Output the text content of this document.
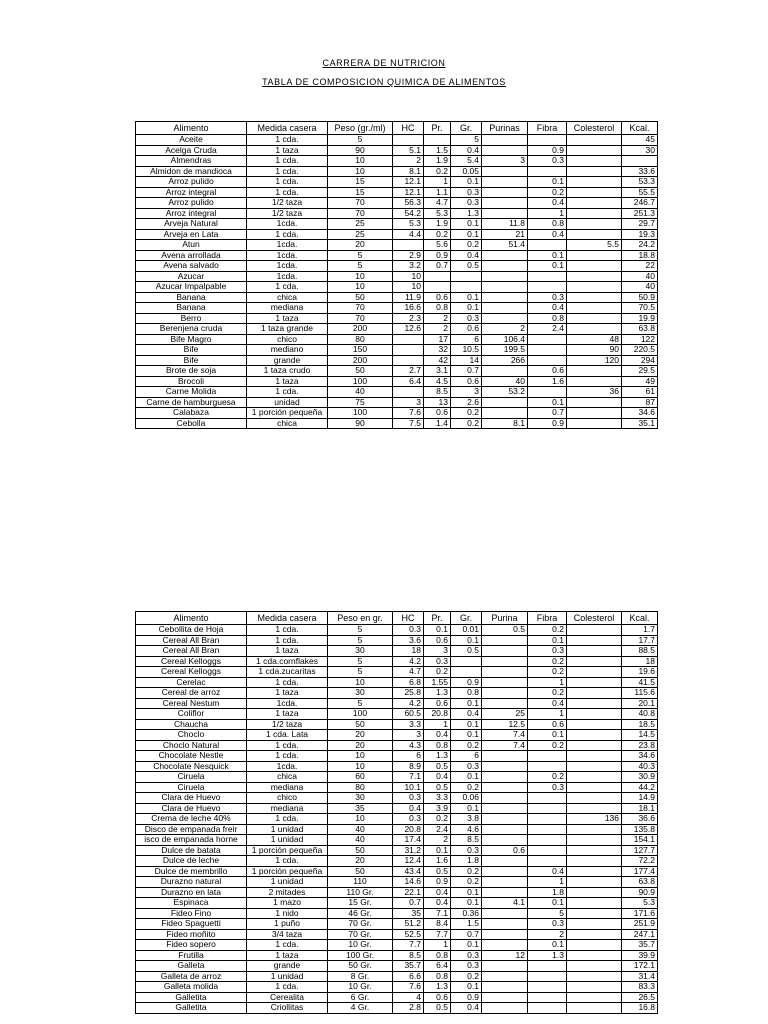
CARRERA DE NUTRICION
TABLA DE COMPOSICION QUIMICA DE ALIMENTOS
Alimento	Medida casera	Peso (gr./ml)	HC	Pr.	Gr.	Purinas	Fibra	Colesterol	Kcal.
Aceite	1 cda.	5			5				45
Acelga Cruda	1 taza	90	5.1	1.5	0.4		0.9		30
Almendras	1 cda.	10	2	1.9	5.4	3	0.3		
Almidon de mandioca	1 cda.	10	8.1	0.2	0.05				33.6
Arroz pulido	1 cda.	15	12.1	1	0.1		0.1		53.3
Arroz integral	1 cda.	15	12.1	1.1	0.3		0.2		55.5
Arroz pulido	1/2 taza	70	56.3	4.7	0.3		0.4		246.7
Arroz integral	1/2 taza	70	54.2	5.3	1.3		1		251.3
Arveja Natural	1cda.	25	5.3	1.9	0.1	11.8	0.8		29.7
Arveja en Lata	1 cda.	25	4.4	0.2	0.1	21	0.4		19.3
Atun	1cda.	20		5.6	0.2	51.4		5.5	24.2
Avena arrollada	1cda.	5	2.9	0.9	0.4		0.1		18.8
Avena salvado	1cda.	5	3.2	0.7	0.5		0.1		22
Azucar	1cda.	10	10						40
Azucar Impalpable	1 cda.	10	10						40
Banana	chica	50	11.9	0.6	0.1		0.3		50.9
Banana	mediana	70	16.6	0.8	0.1		0.4		70.5
Berro	1 taza	70	2.3	2	0.3		0.8		19.9
Berenjena cruda	1 taza grande	200	12.6	2	0.6	2	2.4		63.8
Bife Magro	chico	80		17	6	106.4		48	122
Bife	mediano	150		32	10.5	199.5		90	220.5
Bife	grande	200		42	14	266		120	294
Brote de soja	1 taza crudo	50	2.7	3.1	0.7		0.6		29.5
Brocoli	1 taza	100	6.4	4.5	0.6	40	1.6		49
Carne Molida	1 cda.	40		8.5	3	53.2		36	61
Carne de hamburguesa	unidad	75	3	13	2.6		0.1		87
Calabaza	1 porción pequeña	100	7.6	0.6	0.2		0.7		34.6
Cebolla	chica	90	7.5	1.4	0.2	8.1	0.9		35.1
Alimento	Medida casera	Peso en gr.	HC	Pr.	Gr.	Purina	Fibra	Colesterol	Kcal.
Cebollita de Hoja	1 cda.	5	0.3	0.1	0.01	0.5	0.2		1.7
Cereal All Bran	1 cda.	5	3.6	0.6	0.1		0.1		17.7
Cereal All Bran	1 taza	30	18	3	0.5		0.3		88.5
Cereal Kelloggs	1 cda.cornflakes	5	4.2	0.3			0.2		18
Cereal Kelloggs	1 cda.zucaritas	5	4.7	0.2			0.2		19.6
Cerelac	1 cda.	10	6.8	1.55	0.9		1		41.5
Cereal de arroz	1 taza	30	25.8	1.3	0.8		0.2		115.6
Cereal Nestum	1cda.	5	4.2	0.6	0.1		0.4		20.1
Coliflor	1 taza	100	60.5	20.8	0.4	25	1		40.8
Chaucha	1/2 taza	50	3.3	1	0.1	12.5	0.6		18.5
Choclo	1 cda. Lata	20	3	0.4	0.1	7.4	0.1		14.5
Choclo Natural	1 cda.	20	4.3	0.8	0.2	7.4	0.2		23.8
Chocolate Nestle	1 cda.	10	6	1.3	6				34.6
Chocolate Nesquick	1cda.	10	8.9	0.5	0.3				40.3
Ciruela	chica	60	7.1	0.4	0.1		0.2		30.9
Ciruela	mediana	80	10.1	0.5	0.2		0.3		44.2
Clara de Huevo	chico	30	0.3	3.3	0.06				14.9
Clara de Huevo	mediana	35	0.4	3.9	0.1				18.1
Crema de leche 40%	1 cda.	10	0.3	0.2	3.8			136	36.6
Disco de empanada freir	1 unidad	40	20.8	2.4	4.6				135.8
isco de empanada horne	1 unidad	40	17.4	2	8.5				154.1
Dulce de batata	1 porción pequeña	50	31.2	0.1	0.3	0.6			127.7
Dulce de leche	1 cda.	20	12.4	1.6	1.8				72.2
Dulce de membrillo	1 porción pequeña	50	43.4	0.5	0.2		0.4		177.4
Durazno natural	1 unidad	110	14.6	0.9	0.2		1		63.8
Durazno en lata	2 mitades	110 Gr.	22.1	0.4	0.1		1.8		90.9
Espinaca	1 mazo	15 Gr.	0.7	0.4	0.1	4.1	0.1		5.3
Fideo Fino	1 nido	46 Gr.	35	7.1	0.36		5		171.6
Fideo Spaguetti	1 puño	70 Gr.	51.2	8.4	1.5		0.3		251.9
Fideo moñito	3/4 taza	70 Gr.	52.5	7.7	0.7		2		247.1
Fideo sopero	1 cda.	10 Gr.	7.7	1	0.1		0.1		35.7
Frutilla	1 taza	100 Gr.	8.5	0.8	0.3	12	1.3		39.9
Galleta	grande	50 Gr.	35.7	6.4	0.3				172.1
Galleta de arroz	1 unidad	8 Gr.	6.6	0.8	0.2				31.4
Galleta molida	1 cda.	10 Gr.	7.6	1.3	0.1				83.3
Galletita	Cerealita	6 Gr.	4	0.6	0.9				26.5
Galletita	Criollitas	4 Gr.	2.8	0.5	0.4				16.8
